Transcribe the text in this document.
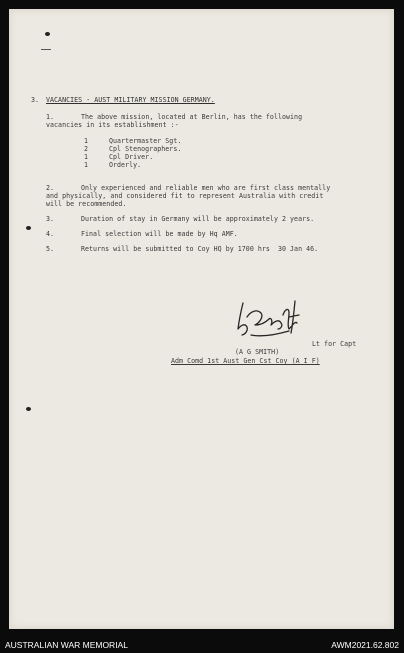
3. VACANCIES - AUST MILITARY MISSION GERMANY.
1.	The above mission, located at Berlin, has the following
vacancies in its establishment :-
1	Quartermaster Sgt.
2	Cpl Stenographers.
1	Cpl Driver.
1	Orderly.
2.	Only experienced and reliable men who are first class mentally
and physically, and considered fit to represent Australia with credit
will be recommended.
3.	Duration of stay in Germany will be approximately 2 years.
4.	Final selection will be made by Hq AMF.
5.	Returns will be submitted to Coy HQ by 1700 hrs  30 Jan 46.
Lt for Capt
(A G SMITH)
Adm Comd 1st Aust Gen Cst Coy (A I F)
AUSTRALIAN WAR MEMORIAL	AWM2021.62.802
